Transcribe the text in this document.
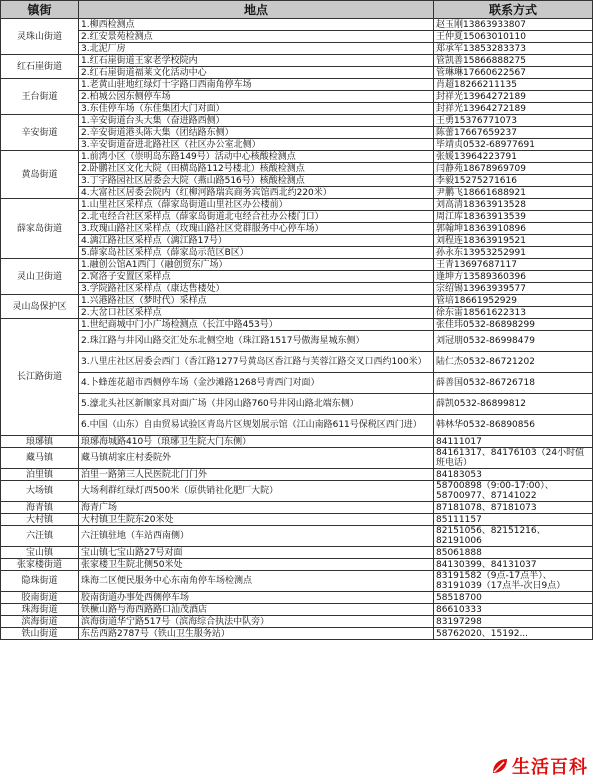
镇街	地点	联系方式
灵珠山街道	1.柳西检测点	赵玉刚13863933807
	2.红安景苑检测点	王仲夏15063010110
	3.北泥厂房	郑承军13853283373
红石崖街道	1.红石崖街道王家老学校院内	管凯善15866888275
	2.红石崖街道福莱文化活动中心	管琳琳17660622567
王台街道	1.老黄山驻地红绿灯十字路口西南角停车场	肖超18266211135
	2.柏城公园东侧停车场	封祥光13964272189
	3.东佳停车场（东佳集团大门对面）	封祥光13964272189
辛安街道	1.辛安街道台头大集（奋进路西侧）	王勇15376771073
	2.辛安街道港头陈大集（团结路东侧）	陈蕾17667659237
	3.辛安街道奋进北路社区（社区办公室北侧）	毕靖贞0532-68977691
黄岛街道	1.前湾小区（崇明岛东路149号）活动中心核酸检测点	张媛13964223791
	2.卧鹏社区文化大院（田横岛路112号楼北）核酸检测点	闫静苑18678969709
	3.丁字路园社区居委会大院（燕山路516号）核酸检测点	李毅15275271616
	4.大富社区居委会院内（红柳河路瑞宾商务宾馆西北约220米）	尹鹏飞18661688921
薛家岛街道	1.山里社区采样点（薛家岛街道山里社区办公楼前）	刘高清18363913528
	2.北屯经合社区采样点（薛家岛街道北屯经合社办公楼门口）	周江库18363913539
	3.玫瑰山路社区采样点（玫瑰山路社区党群服务中心停车场）	郭翰坤18363910896
	4.漓江路社区采样点（漓江路17号）	刘程连18363919521
	5.薛家岛社区采样点（薛家岛示范区B区）	孙永东13953252991
灵山卫街道	1.融创公馆A1西门（融创贸东广场）	王青13697687117
	2.窝洛子安置区采样点	逢坤方13589360396
	3.学院路社区采样点（康达售楼处）	宗绍锡13963939577
灵山岛保护区	1.兴港路社区（梦时代）采样点	管培18661952929
	2.大岔口社区采样点	徐东雷18561622313
长江路街道	1.世纪商城中门小广场检测点（长江中路453号）	张佳玮0532-86898299
	2.珠江路与井冈山路交汇处东北侧空地（珠江路1517号傲海星城东侧）	刘冠朋0532-86998479
	3.八里庄社区居委会西门（香江路1277号黄岛区香江路与芙蓉江路交叉口西约100米）	陆仁杰0532-86721202
	4.卜蜂莲花超市西侧停车场（金沙滩路1268号青西门对面）	薛善国0532-86726718
	5.濠北头社区新顺家具对面广场（井冈山路760号井冈山路北端东侧）	薛凯0532-86899812
	6.中国（山东）自由贸易试验区青岛片区规划展示馆（江山南路611号保税区西门进）	韩林华0532-86890856
琅琊镇	琅琊海城路410号（琅琊卫生院大门东侧）	84111017
藏马镇	藏马镇胡家庄村委院外	84161317、84176103（24小时值班电话）
泊里镇	泊里一路第三人民医院北门门外	84183053
大场镇	大场利群红绿灯西500米（原供销社化肥厂大院）	58700898（9:00-17:00）、58700977、87141022
海青镇	海青广场	87181078、87181073
大村镇	大村镇卫生院东20米处	85111157
六汪镇	六汪镇驻地（车站西南侧）	82151056、82151216、82191006
宝山镇	宝山镇七宝山路27号对面	85061888
张家楼街道	张家楼卫生院北侧50米处	84130399、84131037
隐珠街道	珠海二区便民服务中心东南角停车场检测点	83191582（9点-17点半）、83191039（17点半-次日9点）
胶南街道	胶南街道办事处西侧停车场	58518700
珠海街道	铁橛山路与海西路路口汕茂酒店	86610333
滨海街道	滨海街道华宁路517号（滨海综合执法中队旁）	83197298
铁山街道	东岳西路2787号（铁山卫生服务站）	58762020、15192...
生活百科
